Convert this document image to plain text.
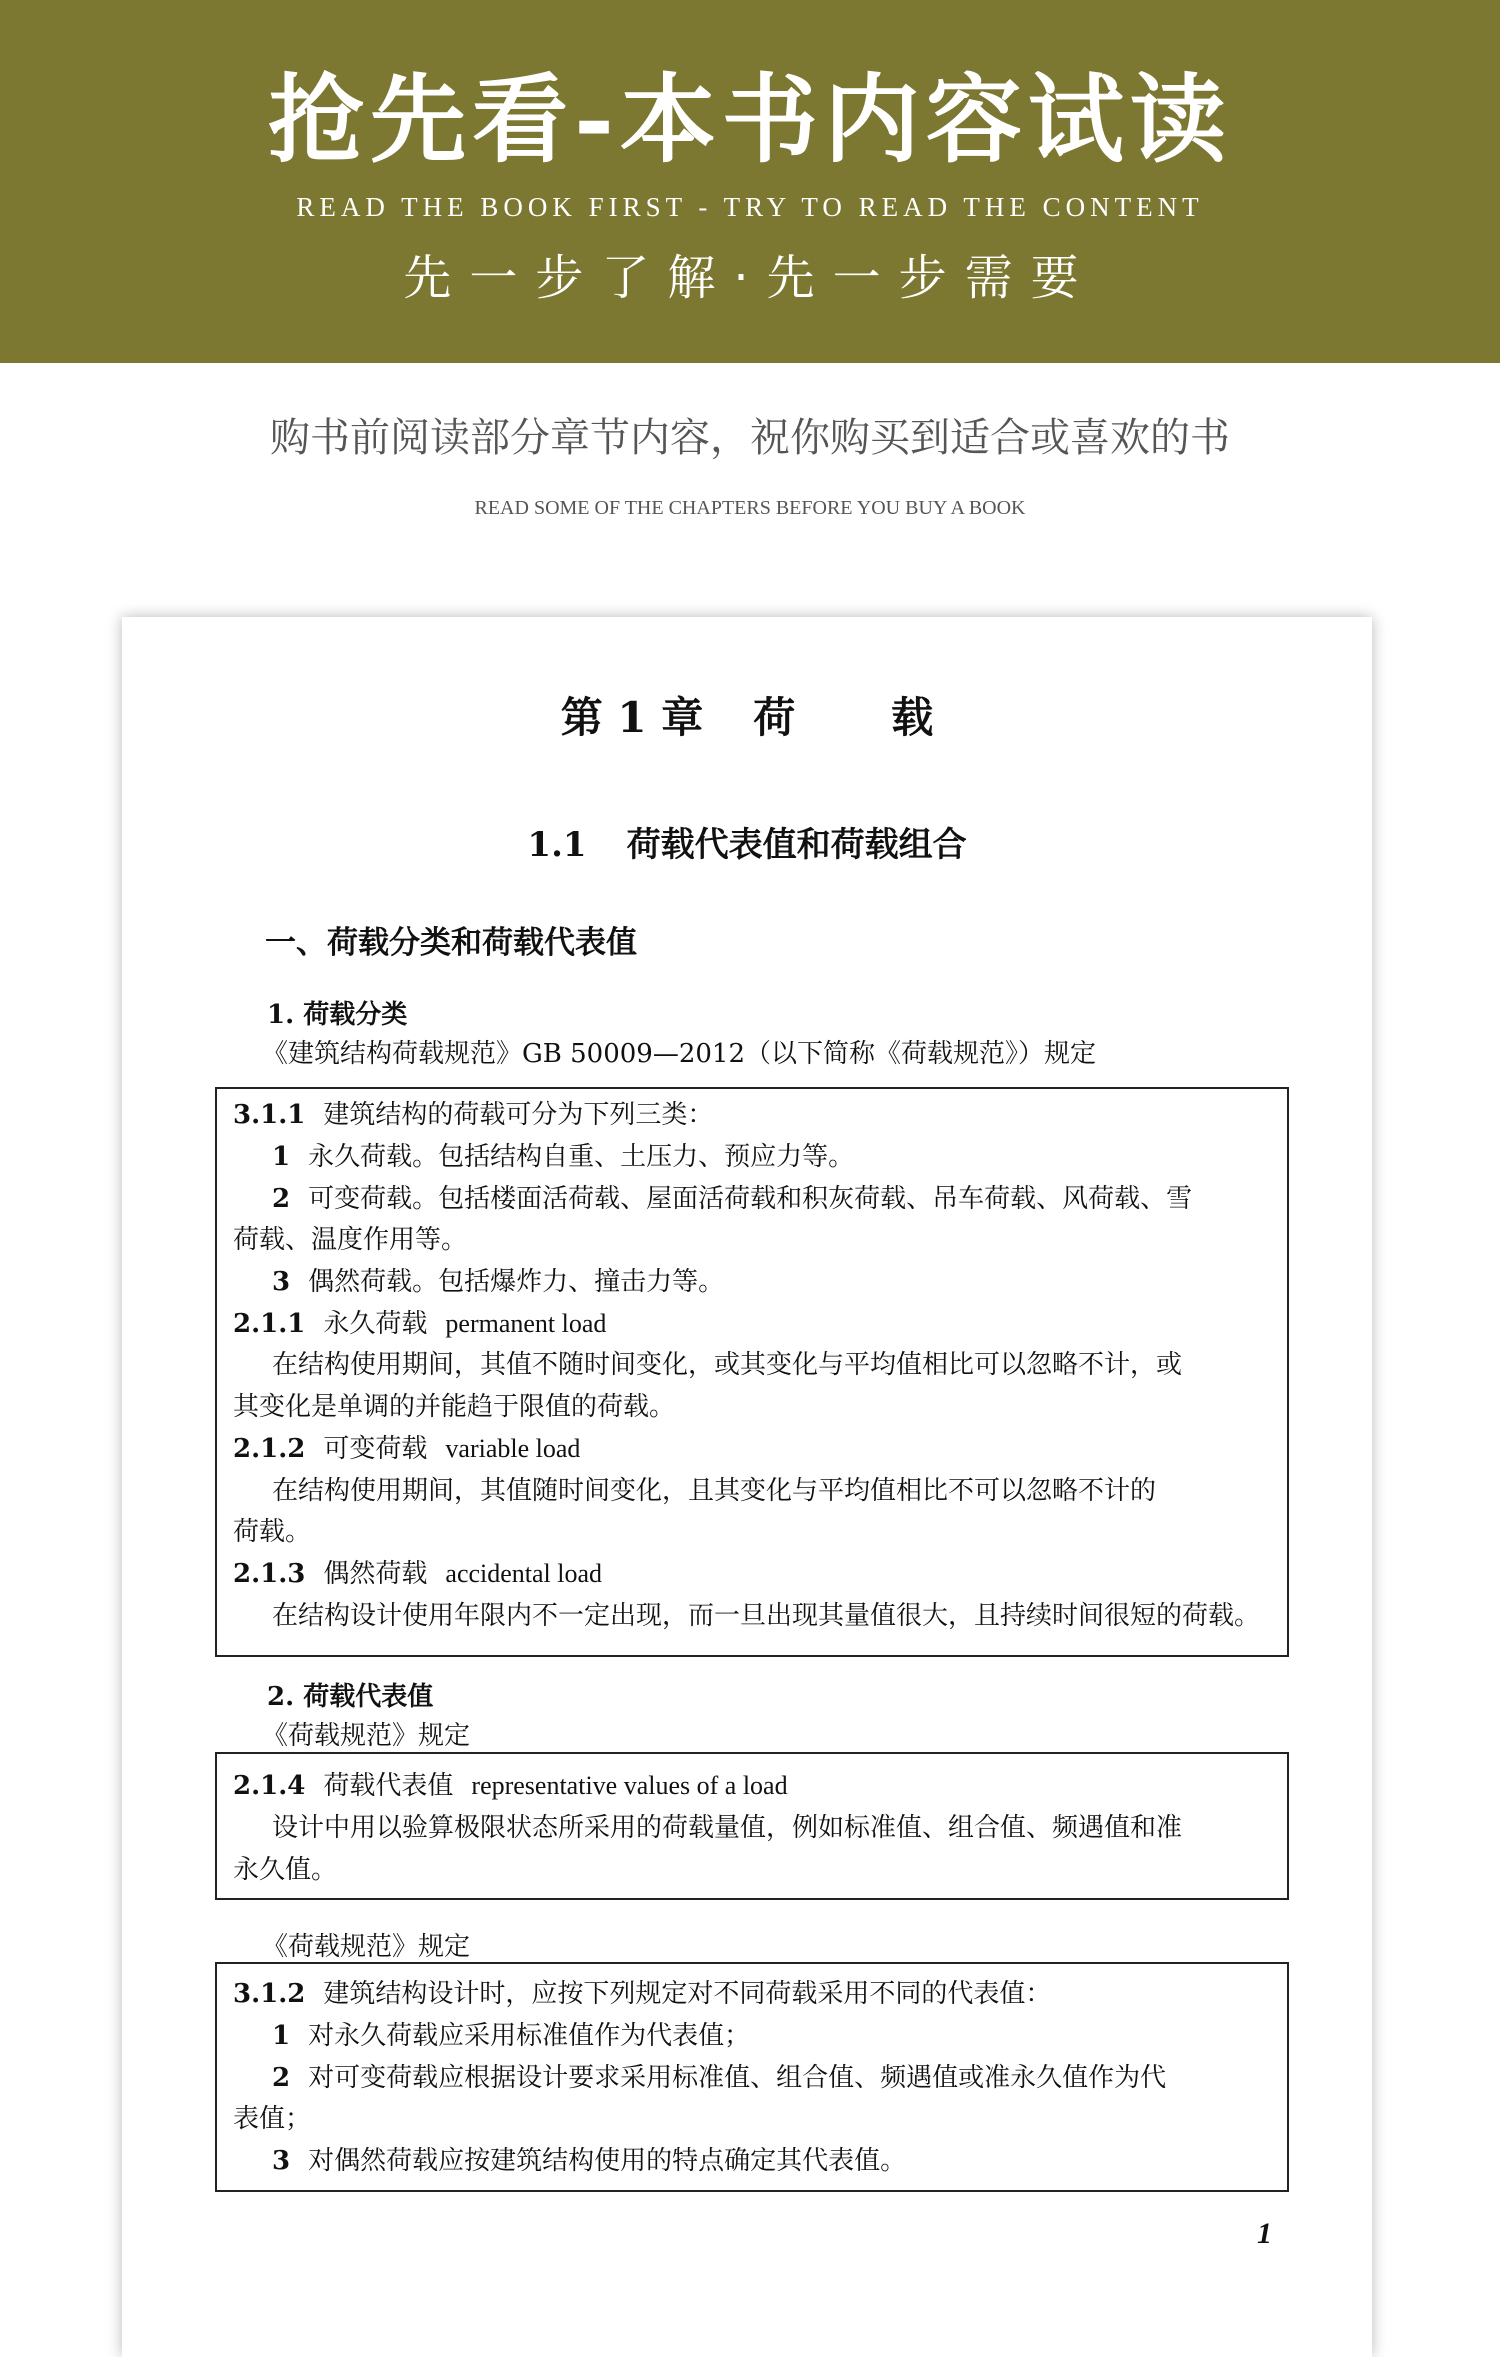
抢先看-本书内容试读
READ THE BOOK FIRST - TRY TO READ THE CONTENT
先一步了解·先一步需要
购书前阅读部分章节内容，祝你购买到适合或喜欢的书
READ SOME OF THE CHAPTERS BEFORE YOU BUY A BOOK
第 1 章 荷 载
1.1 荷载代表值和荷载组合
一、荷载分类和荷载代表值
1. 荷载分类
《建筑结构荷载规范》GB 50009—2012（以下简称《荷载规范》）规定
3.1.1 建筑结构的荷载可分为下列三类：
1 永久荷载。包括结构自重、土压力、预应力等。
2 可变荷载。包括楼面活荷载、屋面活荷载和积灰荷载、吊车荷载、风荷载、雪
荷载、温度作用等。
3 偶然荷载。包括爆炸力、撞击力等。
2.1.1 永久荷载 permanent load
在结构使用期间，其值不随时间变化，或其变化与平均值相比可以忽略不计，或
其变化是单调的并能趋于限值的荷载。
2.1.2 可变荷载 variable load
在结构使用期间，其值随时间变化，且其变化与平均值相比不可以忽略不计的
荷载。
2.1.3 偶然荷载 accidental load
在结构设计使用年限内不一定出现，而一旦出现其量值很大，且持续时间很短的荷载。
2. 荷载代表值
《荷载规范》规定
2.1.4 荷载代表值 representative values of a load
设计中用以验算极限状态所采用的荷载量值，例如标准值、组合值、频遇值和准
永久值。
《荷载规范》规定
3.1.2 建筑结构设计时，应按下列规定对不同荷载采用不同的代表值：
1 对永久荷载应采用标准值作为代表值；
2 对可变荷载应根据设计要求采用标准值、组合值、频遇值或准永久值作为代
表值；
3 对偶然荷载应按建筑结构使用的特点确定其代表值。
1
